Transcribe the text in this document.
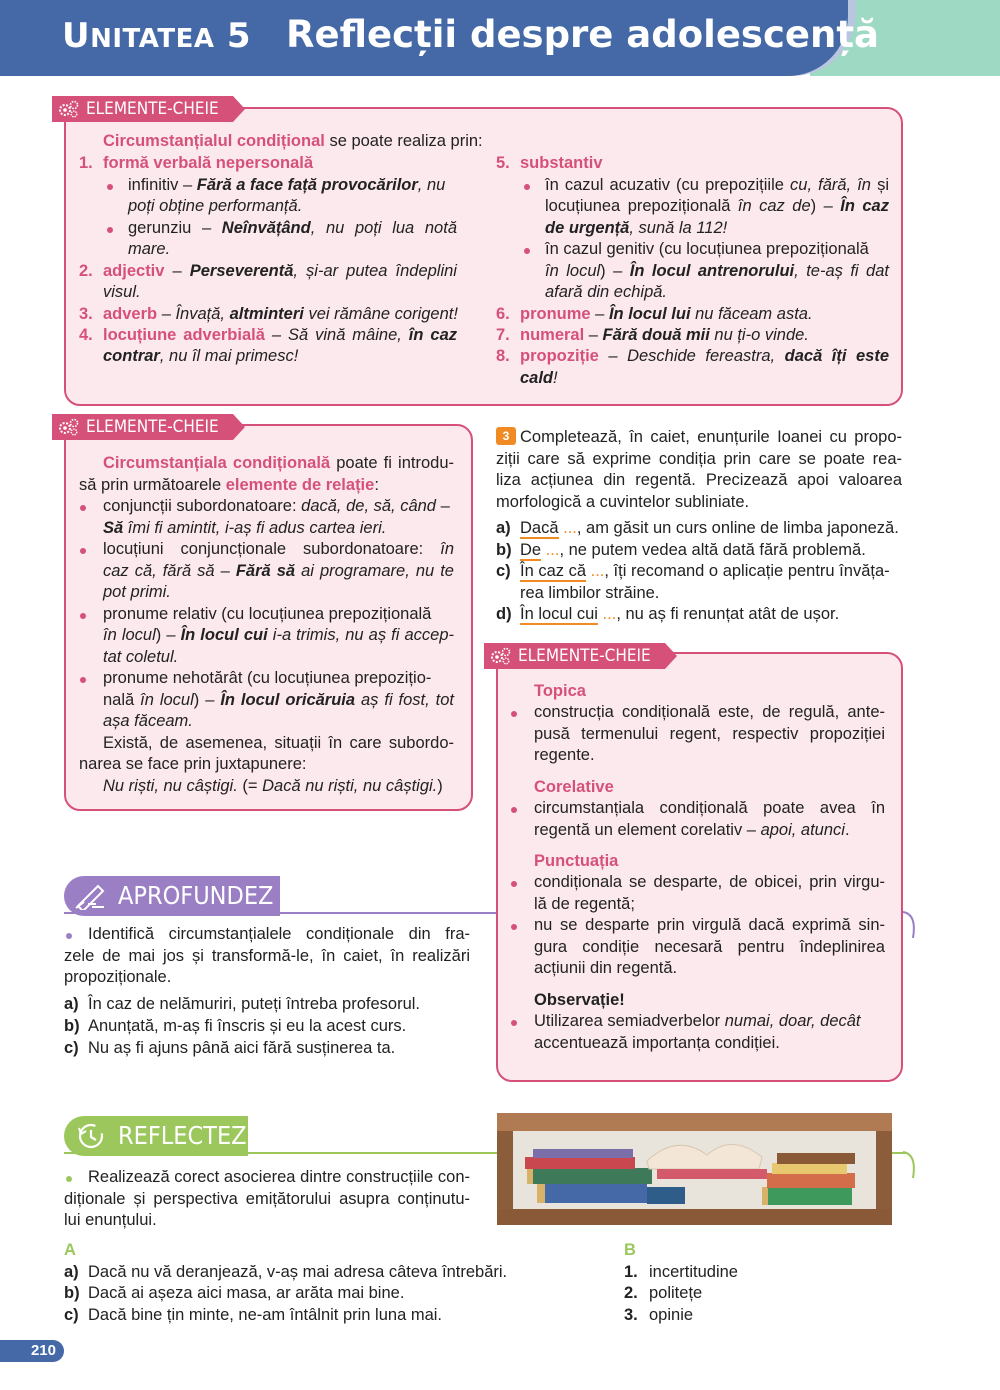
UNITATEA 5 Reflecții despre adolescență
ELEMENTE-CHEIE
Circumstanțialul condițional se poate realiza prin:
1. formă verbală nepersonală
infinitiv – Fără a face față provocărilor, nu
poți obține performanță.
gerunziu – Neînvățând, nu poți lua notă
mare.
2. adjectiv – Perseverentă, și-ar putea îndeplini
visul.
3. adverb – Învață, altminteri vei rămâne corigent!
4. locuțiune adverbială – Să vină mâine, în caz
contrar, nu îl mai primesc!
5. substantiv
în cazul acuzativ (cu prepozițiile cu, fără, în și
locuțiunea prepozițională în caz de) – În caz
de urgență, sună la 112!
în cazul genitiv (cu locuțiunea prepozițională
în locul) – În locul antrenorului, te-aș fi dat
afară din echipă.
6. pronume – În locul lui nu făceam asta.
7. numeral – Fără două mii nu ți-o vinde.
8. propoziție – Deschide fereastra, dacă îți este
cald!
ELEMENTE-CHEIE
Circumstanțiala condițională poate fi introdu-
să prin următoarele elemente de relație:
conjuncții subordonatoare: dacă, de, să, când –
Să îmi fi amintit, i-aș fi adus cartea ieri.
locuțiuni conjuncționale subordonatoare: în
caz că, fără să – Fără să ai programare, nu te
pot primi.
pronume relativ (cu locuțiunea prepozițională
în locul) – În locul cui i-a trimis, nu aș fi accep-
tat coletul.
pronume nehotărât (cu locuțiunea prepozițio-
nală în locul) – În locul oricăruia aș fi fost, tot
așa făceam.
Există, de asemenea, situații în care subordo-
narea se face prin juxtapunere:
Nu riști, nu câștigi. (= Dacă nu riști, nu câștigi.)
3 Completează, în caiet, enunțurile Ioanei cu propo-
ziții care să exprime condiția prin care se poate rea-
liza acțiunea din regentă. Precizează apoi valoarea
morfologică a cuvintelor subliniate.
a) Dacă ..., am găsit un curs online de limba japoneză.
b) De ..., ne putem vedea altă dată fără problemă.
c) În caz că ..., îți recomand o aplicație pentru învăța-
rea limbilor străine.
d) În locul cui ..., nu aș fi renunțat atât de ușor.
ELEMENTE-CHEIE
Topica
construcția condițională este, de regulă, ante-
pusă termenului regent, respectiv propoziției
regente.
Corelative
circumstanțiala condițională poate avea în
regentă un element corelativ – apoi, atunci.
Punctuația
condiționala se desparte, de obicei, prin virgu-
lă de regentă;
nu se desparte prin virgulă dacă exprimă sin-
gura condiție necesară pentru îndeplinirea
acțiunii din regentă.
Observație!
Utilizarea semiadverbelor numai, doar, decât
accentuează importanța condiției.
APROFUNDEZ
Identifică circumstanțialele condiționale din fra-
zele de mai jos și transformă-le, în caiet, în realizări
propoziționale.
a) În caz de nelămuriri, puteți întreba profesorul.
b) Anunțată, m-aș fi înscris și eu la acest curs.
c) Nu aș fi ajuns până aici fără susținerea ta.
REFLECTEZ
Realizează corect asocierea dintre construcțiile con-
diționale și perspectiva emițătorului asupra conținutu-
lui enunțului.
A	B
a) Dacă nu vă deranjează, v-aș mai adresa câteva întrebări.
b) Dacă ai așeza aici masa, ar arăta mai bine.
c) Dacă bine țin minte, ne-am întâlnit prin luna mai.
1. incertitudine
2. politețe
3. opinie
210
